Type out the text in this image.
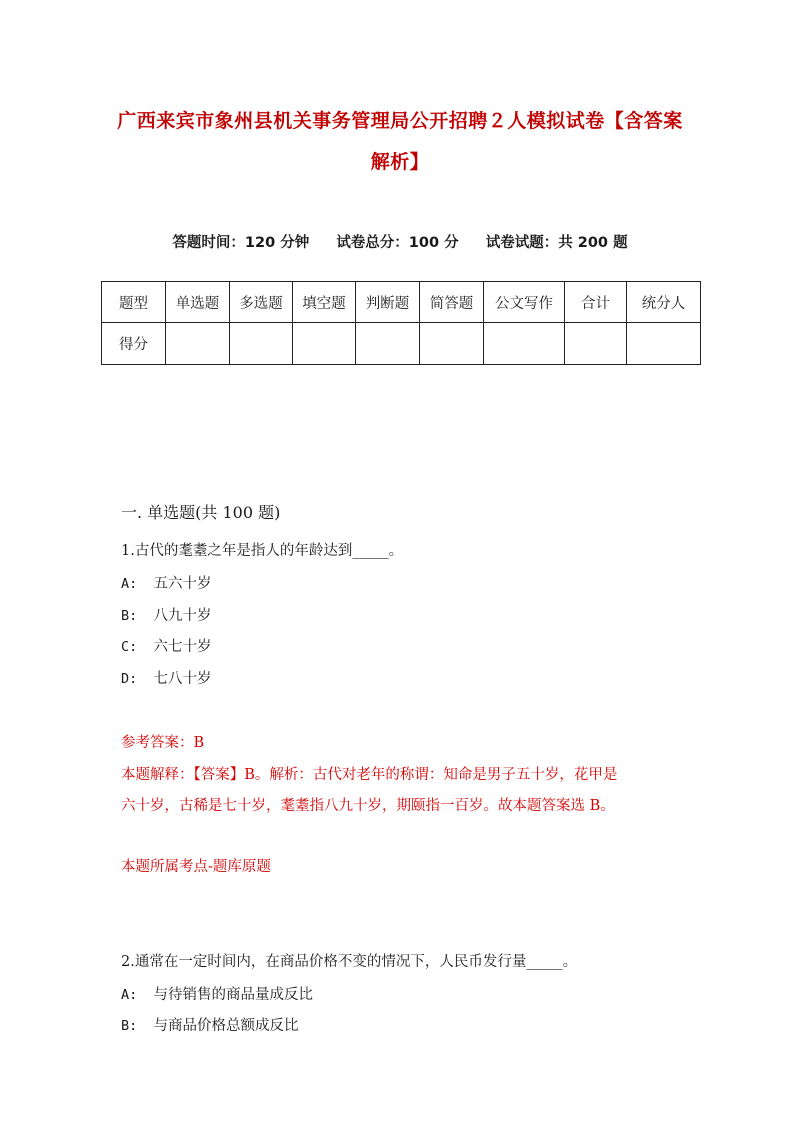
广西来宾市象州县机关事务管理局公开招聘２人模拟试卷【含答案
解析】
答题时间：120 分钟 试卷总分：100 分 试卷试题：共 200 题
题型	单选题	多选题	填空题	判断题	简答题	公文写作	合计	统分人
得分								
一. 单选题(共 100 题)
1.古代的耄耋之年是指人的年龄达到_____。
A: 五六十岁
B: 八九十岁
C: 六七十岁
D: 七八十岁
参考答案：B
本题解释：【答案】B。解析：古代对老年的称谓：知命是男子五十岁，花甲是
六十岁，古稀是七十岁，耄耋指八九十岁，期颐指一百岁。故本题答案选 B。
本题所属考点-题库原题
2.通常在一定时间内，在商品价格不变的情况下，人民币发行量_____。
A: 与待销售的商品量成反比
B: 与商品价格总额成反比
